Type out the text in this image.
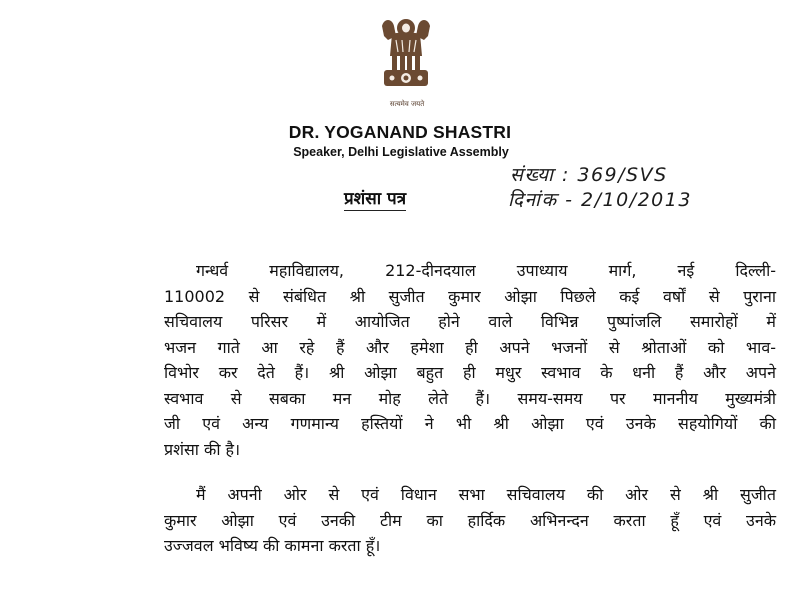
सत्यमेव जयते
DR. YOGANAND SHASTRI
Speaker, Delhi Legislative Assembly
संख्या : 369/SVS
दिनांक - 2/10/2013
प्रशंसा पत्र
गन्धर्व महाविद्यालय, 212-दीनदयाल उपाध्याय मार्ग, नई दिल्ली-
110002 से संबंधित श्री सुजीत कुमार ओझा पिछले कई वर्षों से पुराना
सचिवालय परिसर में आयोजित होने वाले विभिन्न पुष्पांजलि समारोहों में
भजन गाते आ रहे हैं और हमेशा ही अपने भजनों से श्रोताओं को भाव-
विभोर कर देते हैं। श्री ओझा बहुत ही मधुर स्वभाव के धनी हैं और अपने
स्वभाव से सबका मन मोह लेते हैं। समय-समय पर माननीय मुख्यमंत्री
जी एवं अन्य गणमान्य हस्तियों ने भी श्री ओझा एवं उनके सहयोगियों की
प्रशंसा की है।
मैं अपनी ओर से एवं विधान सभा सचिवालय की ओर से श्री सुजीत
कुमार ओझा एवं उनकी टीम का हार्दिक अभिनन्दन करता हूँ एवं उनके
उज्जवल भविष्य की कामना करता हूँ।
